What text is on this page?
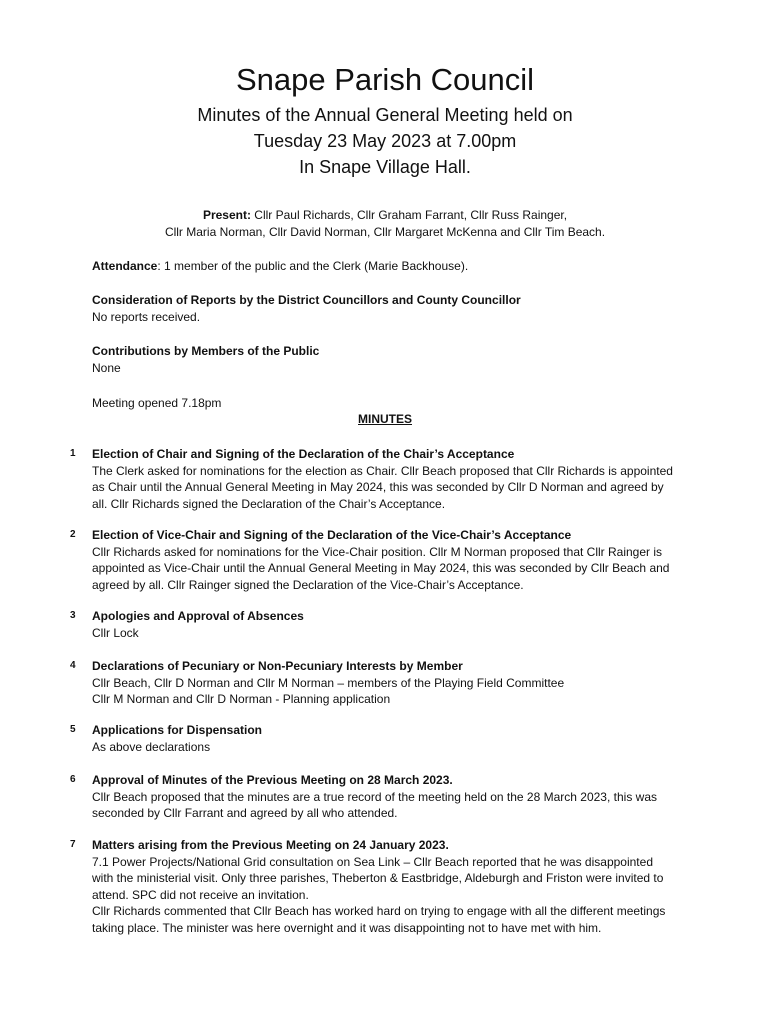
Snape Parish Council
Minutes of the Annual General Meeting held on
Tuesday 23 May 2023 at 7.00pm
In Snape Village Hall.
Present: Cllr Paul Richards, Cllr Graham Farrant, Cllr Russ Rainger,
Cllr Maria Norman, Cllr David Norman, Cllr Margaret McKenna and Cllr Tim Beach.
Attendance: 1 member of the public and the Clerk (Marie Backhouse).
Consideration of Reports by the District Councillors and County Councillor
No reports received.
Contributions by Members of the Public
None
Meeting opened 7.18pm
MINUTES
1 Election of Chair and Signing of the Declaration of the Chair’s Acceptance
The Clerk asked for nominations for the election as Chair. Cllr Beach proposed that Cllr Richards is appointed
as Chair until the Annual General Meeting in May 2024, this was seconded by Cllr D Norman and agreed by
all. Cllr Richards signed the Declaration of the Chair’s Acceptance.
2 Election of Vice-Chair and Signing of the Declaration of the Vice-Chair’s Acceptance
Cllr Richards asked for nominations for the Vice-Chair position. Cllr M Norman proposed that Cllr Rainger is
appointed as Vice-Chair until the Annual General Meeting in May 2024, this was seconded by Cllr Beach and
agreed by all. Cllr Rainger signed the Declaration of the Vice-Chair’s Acceptance.
3 Apologies and Approval of Absences
Cllr Lock
4 Declarations of Pecuniary or Non-Pecuniary Interests by Member
Cllr Beach, Cllr D Norman and Cllr M Norman – members of the Playing Field Committee
Cllr M Norman and Cllr D Norman - Planning application
5 Applications for Dispensation
As above declarations
6 Approval of Minutes of the Previous Meeting on 28 March 2023.
Cllr Beach proposed that the minutes are a true record of the meeting held on the 28 March 2023, this was
seconded by Cllr Farrant and agreed by all who attended.
7 Matters arising from the Previous Meeting on 24 January 2023.
7.1 Power Projects/National Grid consultation on Sea Link – Cllr Beach reported that he was disappointed
with the ministerial visit. Only three parishes, Theberton & Eastbridge, Aldeburgh and Friston were invited to
attend. SPC did not receive an invitation.
Cllr Richards commented that Cllr Beach has worked hard on trying to engage with all the different meetings
taking place. The minister was here overnight and it was disappointing not to have met with him.
